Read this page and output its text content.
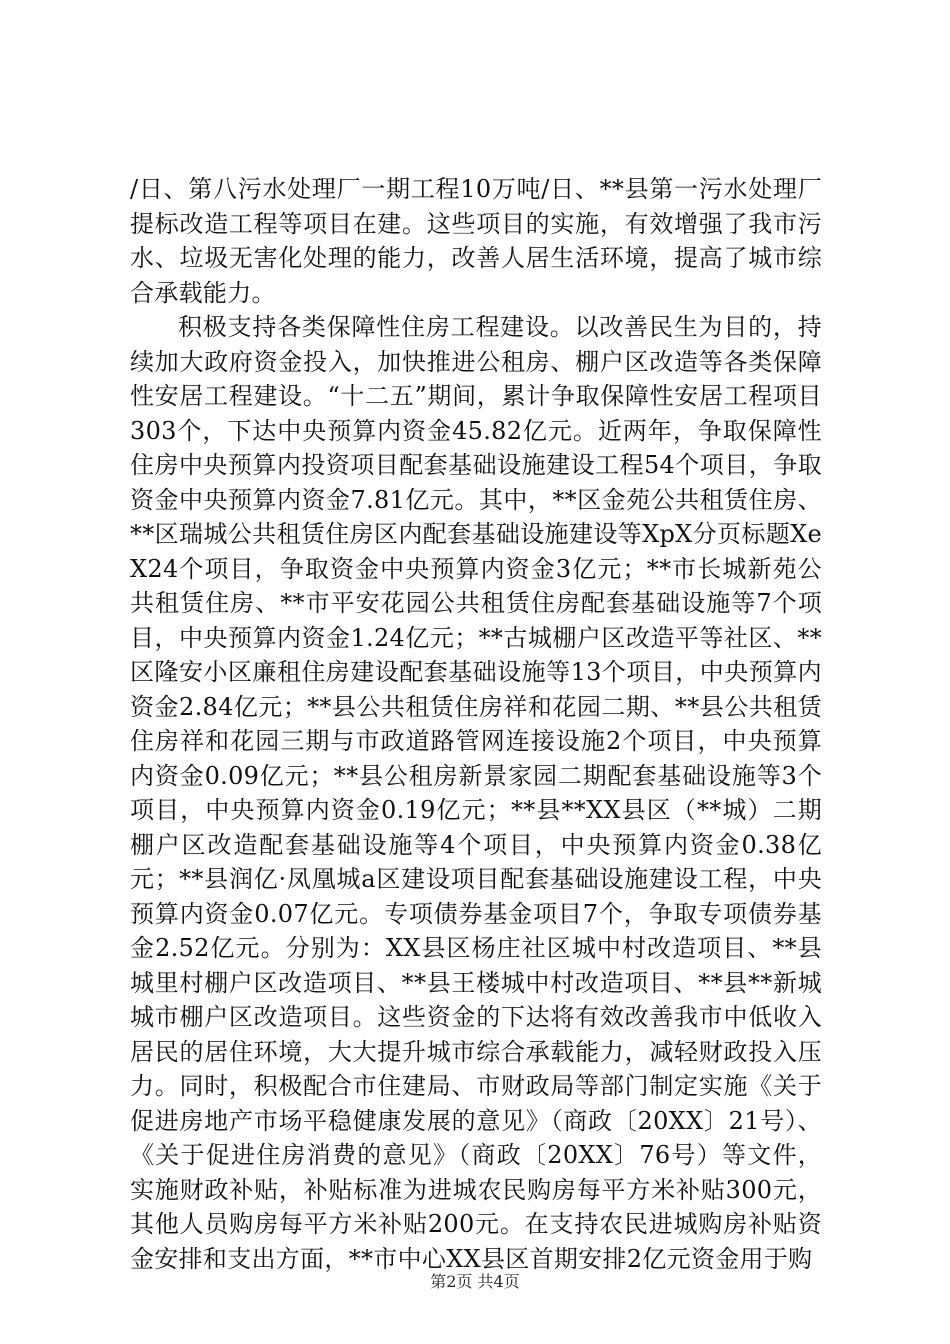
/日、第八污水处理厂一期工程10万吨/日、**县第一污水处理厂提标改造工程等项目在建。这些项目的实施，有效增强了我市污水、垃圾无害化处理的能力，改善人居生活环境，提高了城市综合承载能力。

积极支持各类保障性住房工程建设。以改善民生为目的，持续加大政府资金投入，加快推进公租房、棚户区改造等各类保障性安居工程建设。“十二五”期间，累计争取保障性安居工程项目303个，下达中央预算内资金45.82亿元。近两年，争取保障性住房中央预算内投资项目配套基础设施建设工程54个项目，争取资金中央预算内资金7.81亿元。其中，**区金苑公共租赁住房、**区瑞城公共租赁住房区内配套基础设施建设等XpX分页标题XeX24个项目，争取资金中央预算内资金3亿元；**市长城新苑公共租赁住房、**市平安花园公共租赁住房配套基础设施等7个项目，中央预算内资金1.24亿元；**古城棚户区改造平等社区、**区隆安小区廉租住房建设配套基础设施等13个项目，中央预算内资金2.84亿元；**县公共租赁住房祥和花园二期、**县公共租赁住房祥和花园三期与市政道路管网连接设施2个项目，中央预算内资金0.09亿元；**县公租房新景家园二期配套基础设施等3个项目，中央预算内资金0.19亿元；**县**XX县区（**城）二期棚户区改造配套基础设施等4个项目，中央预算内资金0.38亿元；**县润亿·凤凰城a区建设项目配套基础设施建设工程，中央预算内资金0.07亿元。专项债券基金项目7个，争取专项债券基金2.52亿元。分别为：XX县区杨庄社区城中村改造项目、**县城里村棚户区改造项目、**县王楼城中村改造项目、**县**新城城市棚户区改造项目。这些资金的下达将有效改善我市中低收入居民的居住环境，大大提升城市综合承载能力，减轻财政投入压力。同时，积极配合市住建局、市财政局等部门制定实施《关于促进房地产市场平稳健康发展的意见》（商政〔20XX〕21号）、《关于促进住房消费的意见》（商政〔20XX〕76号）等文件，实施财政补贴，补贴标准为进城农民购房每平方米补贴300元，其他人员购房每平方米补贴200元。在支持农民进城购房补贴资金安排和支出方面，**市中心XX县区首期安排2亿元资金用于购

第2页 共4页
